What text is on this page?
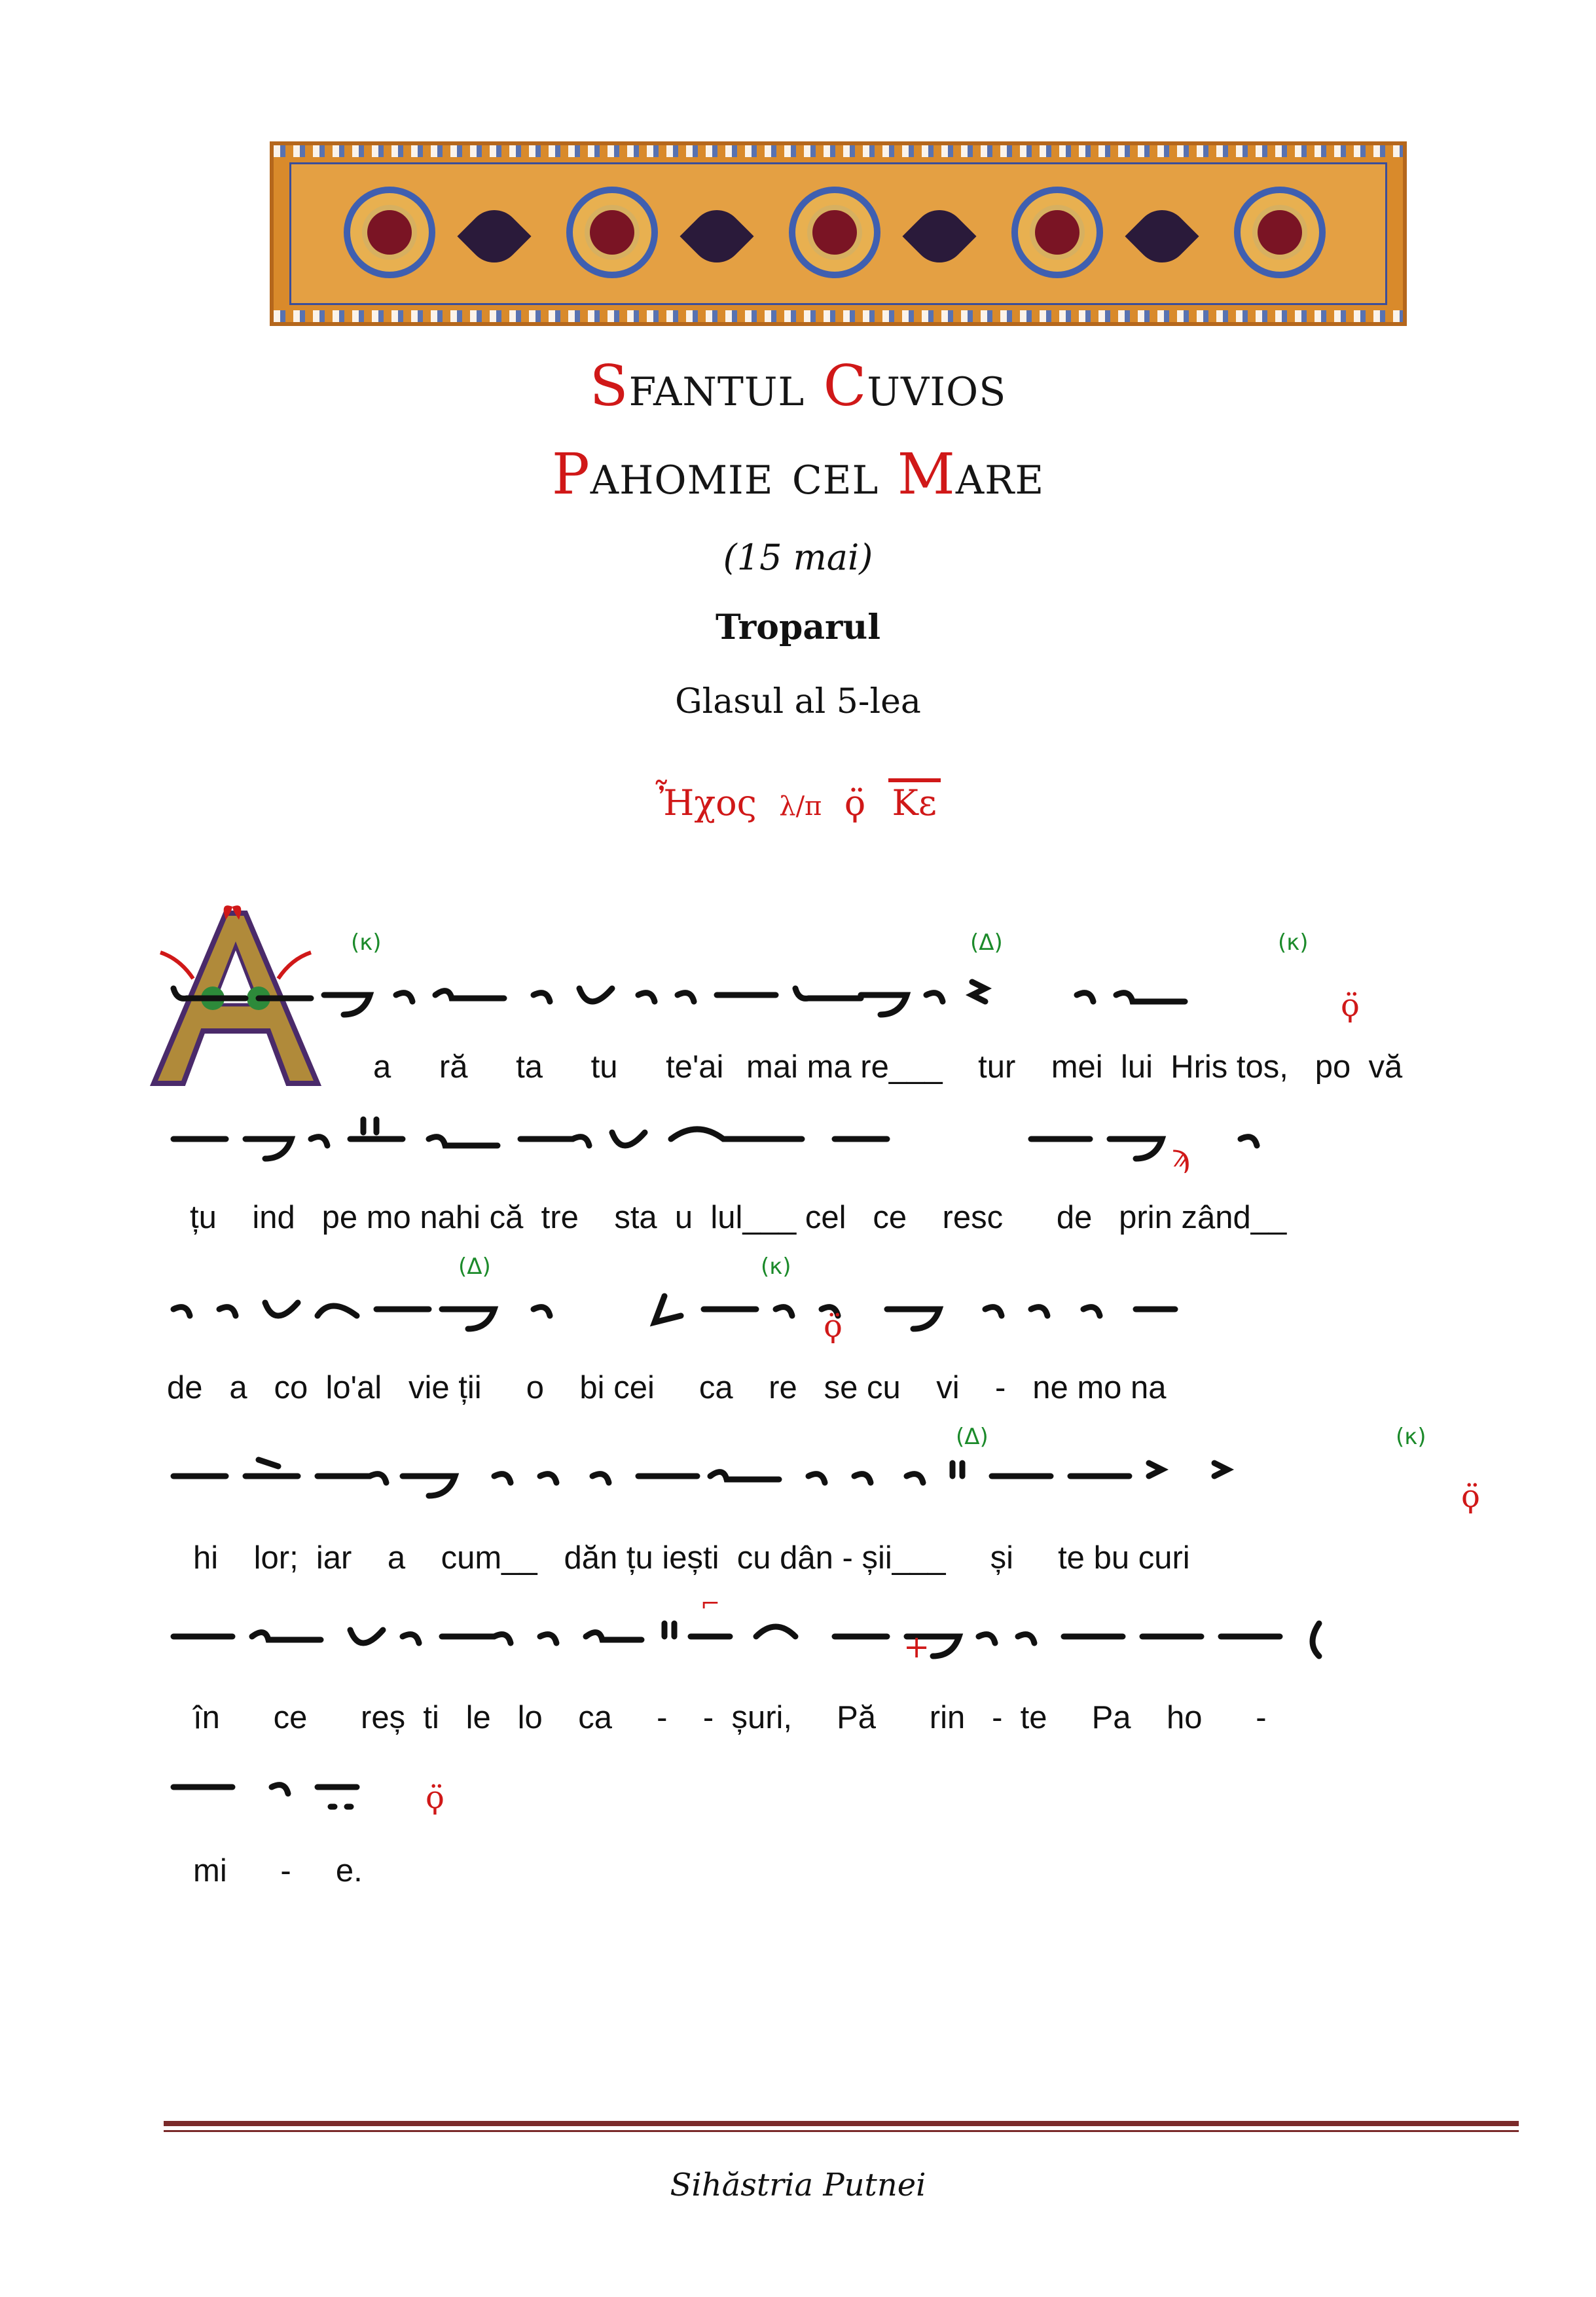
Sfantul Cuvios
Pahomie cel Mare
(15 mai)
Troparul
Glasul al 5-lea
Ἦχος λ/π ϙ̈ Κε
(κ)	(Δ)	(κ)
ϙ̈
a ră ta tu te'ai mai ma re___ tur mei lui Hris tos, po vă
ϡ
țu ind pe mo nahi că tre sta u lul___ cel ce resc de prin zând__
(Δ)	(κ)
ϙ̈
de a co lo'al vie ții o bi cei ca re se cu vi - ne mo na
(Δ)	(κ)
ϙ̈
hi lor; iar a cum__ dăn țu iești cu dân - șii___ și te bu curi
+
⌐
în ce reș ti le lo ca - - șuri, Pă rin - te Pa ho -
ϙ̈
mi - e.
Sihăstria Putnei
